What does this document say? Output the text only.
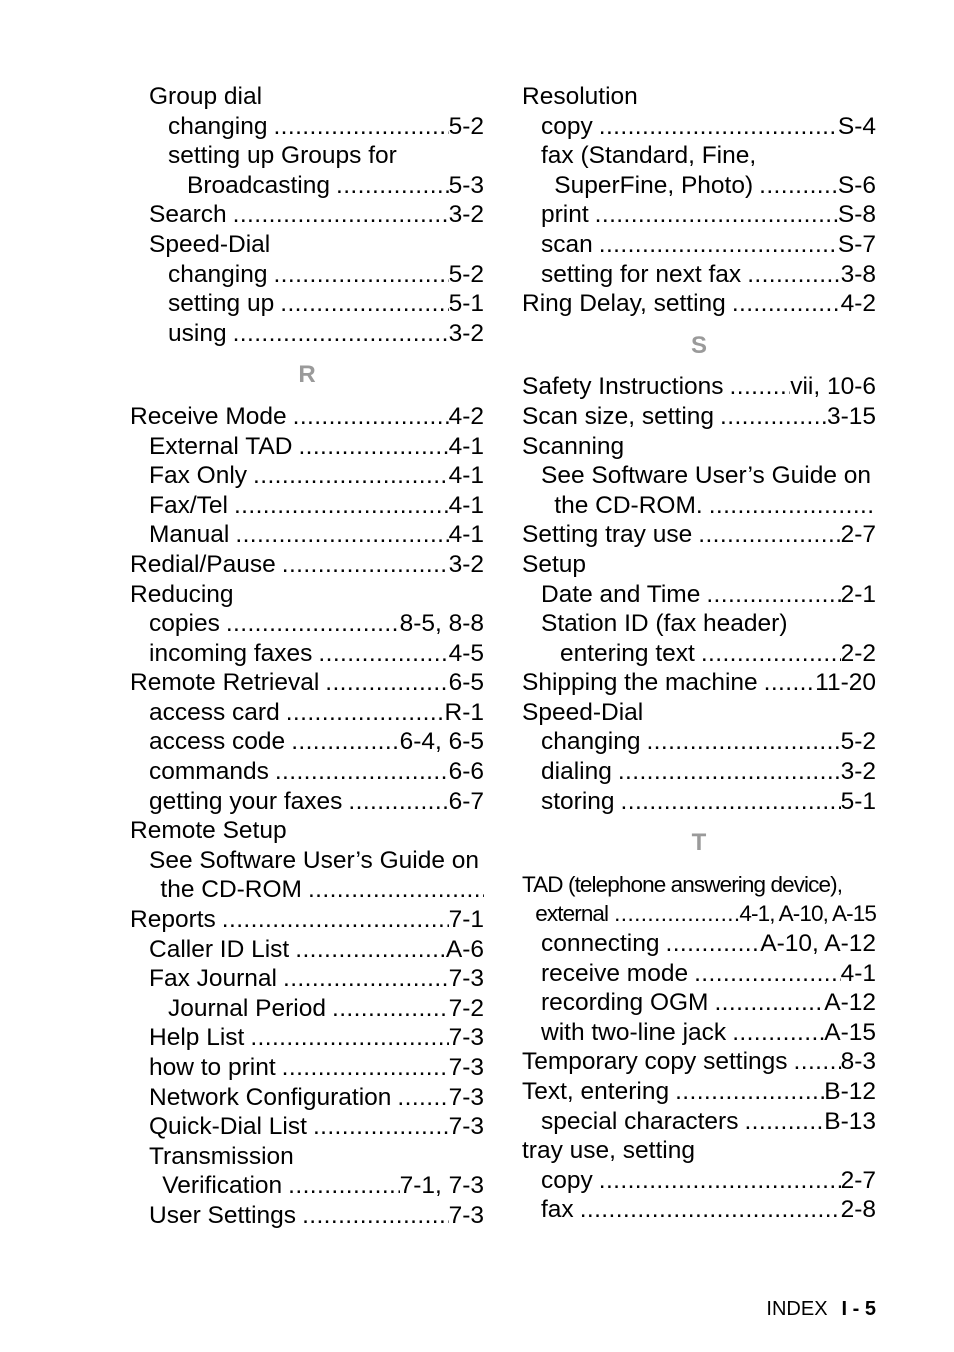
Group dial
changing .....	5-2
setting up Groups for
Broadcasting .....	5-3
Search .....	3-2
Speed-Dial
changing .....	5-2
setting up .....	5-1
using .....	3-2
R
Receive Mode .....	4-2
External TAD .....	4-1
Fax Only .....	4-1
Fax/Tel .....	4-1
Manual .....	4-1
Redial/Pause .....	3-2
Reducing
copies .....	8-5, 8-8
incoming faxes .....	4-5
Remote Retrieval .....	6-5
access card .....	R-1
access code .....	6-4, 6-5
commands .....	6-6
getting your faxes .....	6-7
Remote Setup
See Software User’s Guide on
the CD-ROM
.....
Reports .....	7-1
Caller ID List .....	A-6
Fax Journal .....	7-3
Journal Period .....	7-2
Help List .....	7-3
how to print .....	7-3
Network Configuration ..... 7-3
Quick-Dial List .....	7-3
Transmission
Verification .....	7-1, 7-3
User Settings .....	7-3
Resolution
copy .....	S-4
fax (Standard, Fine,
SuperFine, Photo) .....	S-6
print .....	S-8
scan .....	S-7
setting for next fax .....	3-8
Ring Delay, setting .....	4-2
S
Safety Instructions .....	vii, 10-6
Scan size, setting .....	3-15
Scanning
See Software User’s Guide on
the CD-ROM.
.....
Setting tray use .....	2-7
Setup
Date and Time .....	2-1
Station ID (fax header)
entering text .....	2-2
Shipping the machine ..... 11-20
Speed-Dial
changing .....	5-2
dialing .....	3-2
storing .....	5-1
T
TAD (telephone answering device),
external .....	4-1, A-10, A-15
connecting .....	A-10, A-12
receive mode .....	4-1
recording OGM .....	A-12
with two-line jack .....	A-15
Temporary copy settings ..... 8-3
Text, entering .....	B-12
special characters .....	B-13
tray use, setting
copy .....	2-7
fax .....	2-8
INDEX I - 5
